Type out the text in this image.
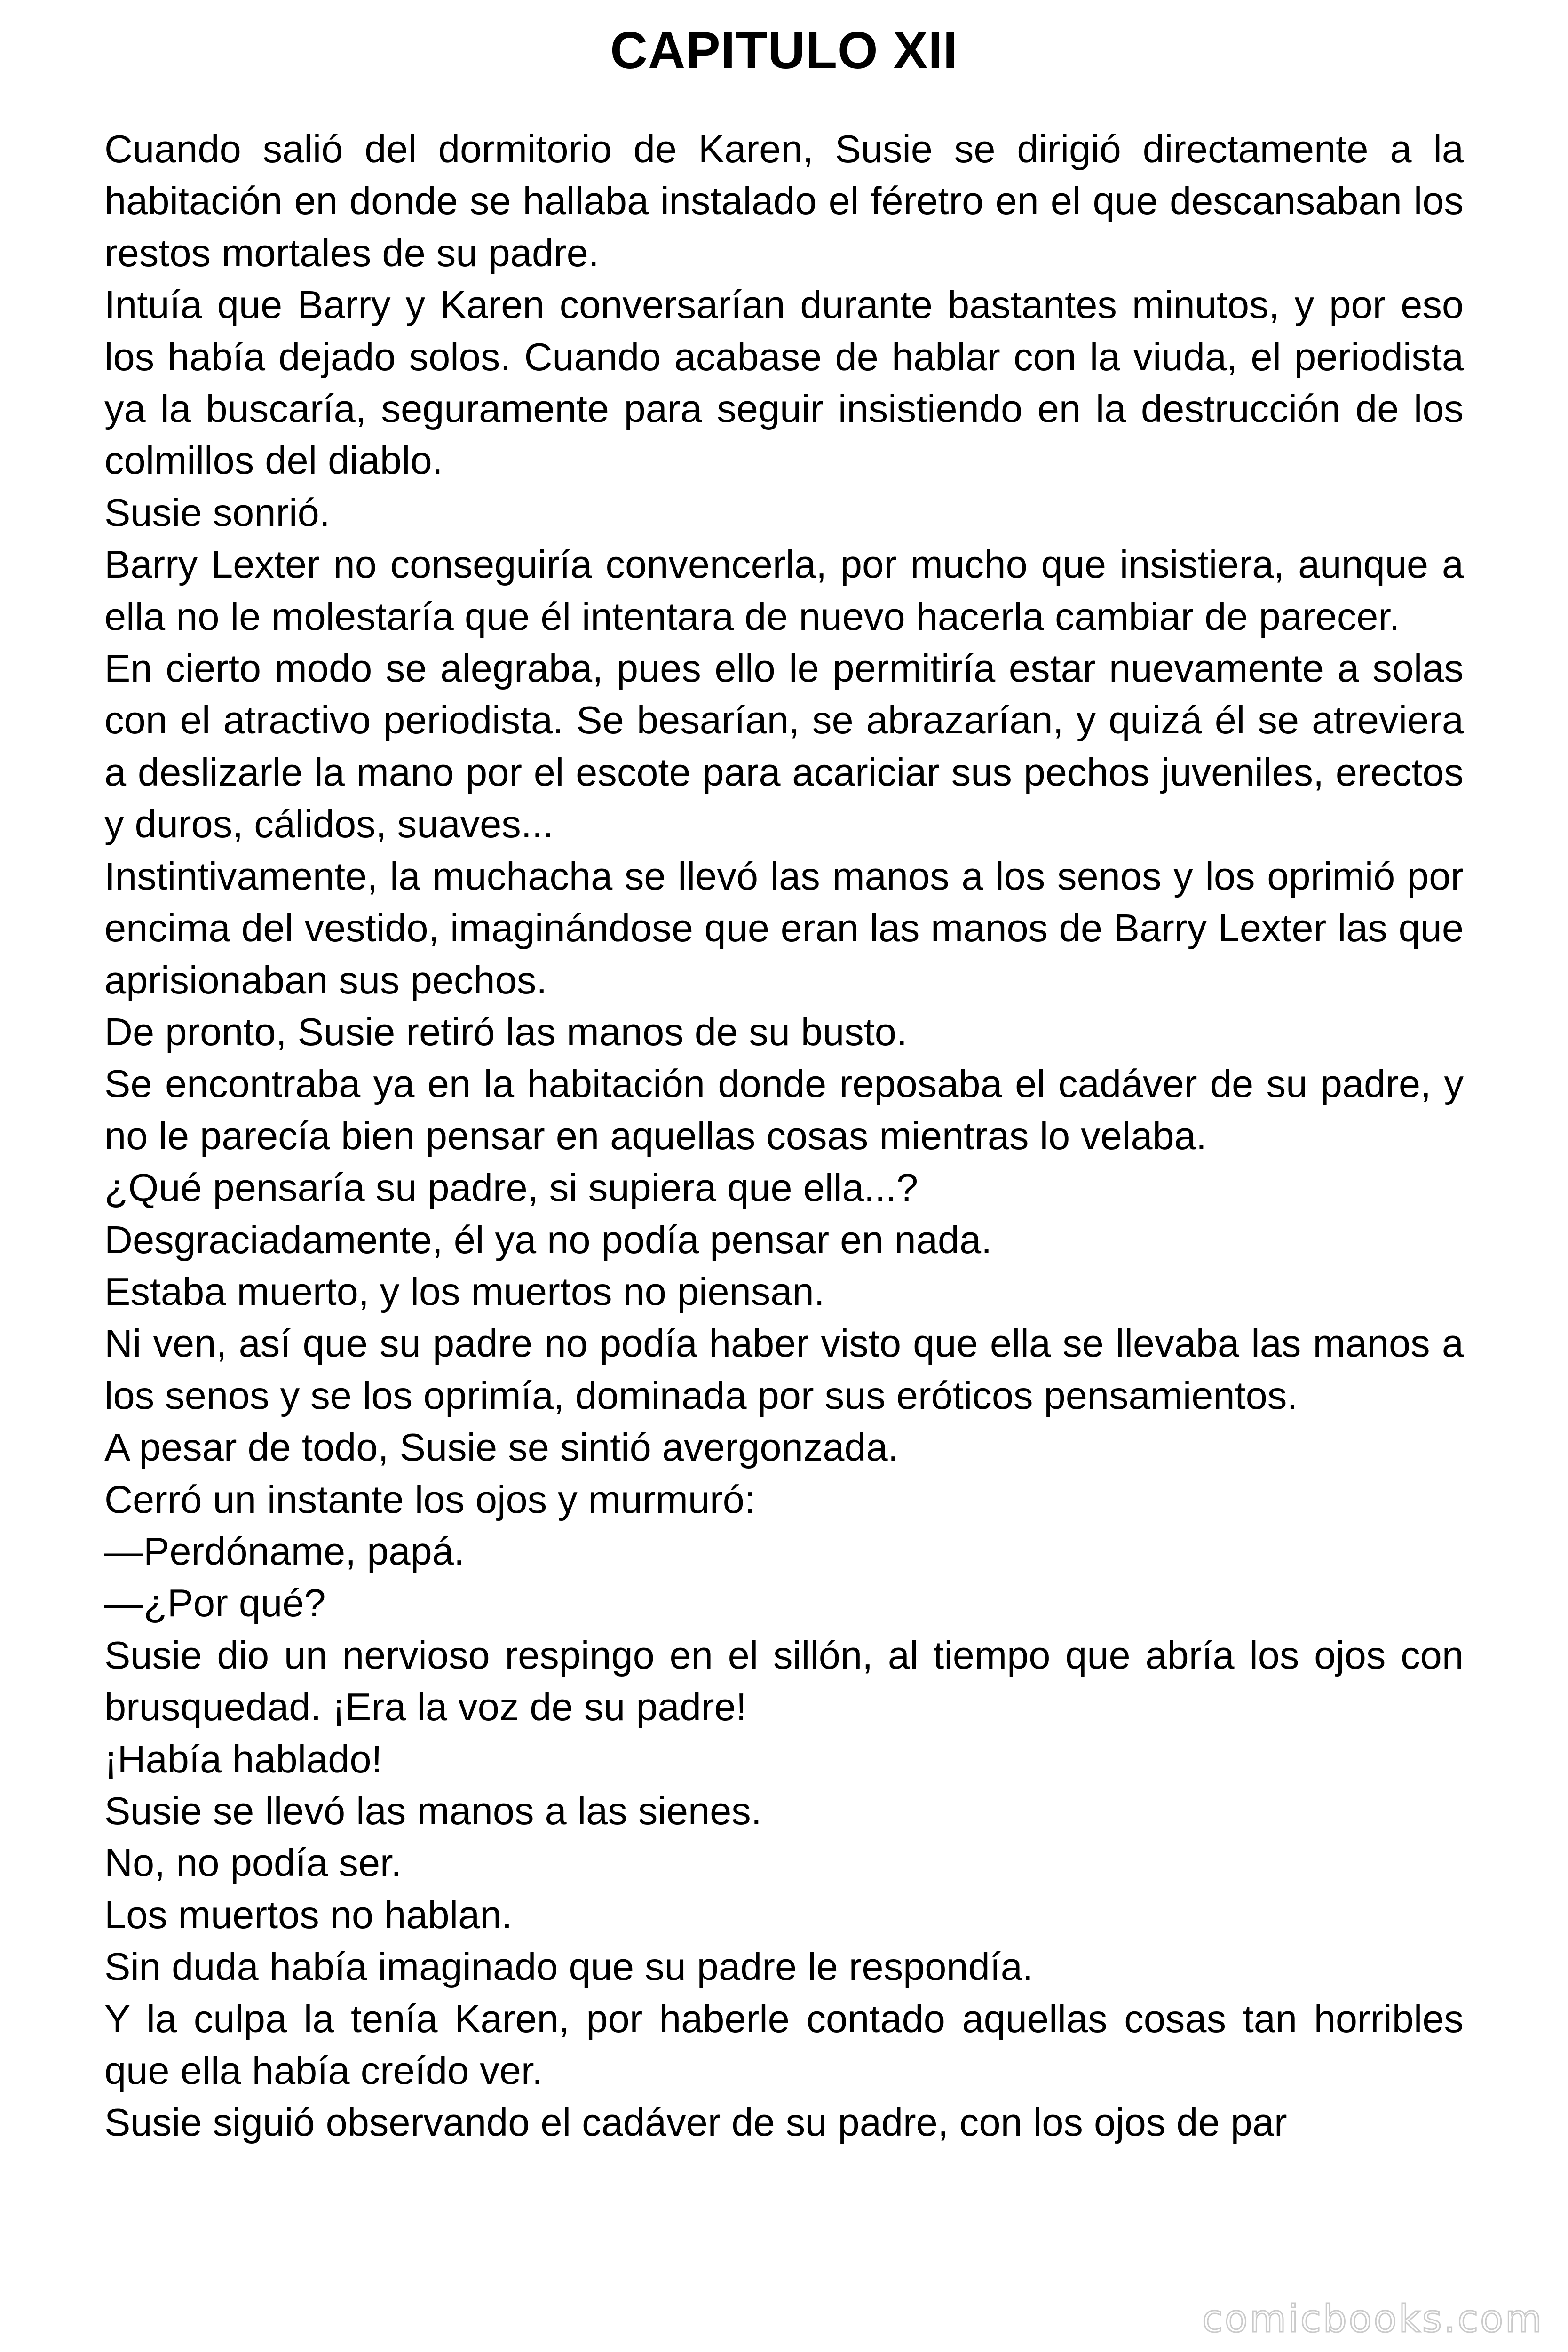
CAPITULO XII

Cuando salió del dormitorio de Karen, Susie se dirigió directamente a la habitación en donde se hallaba instalado el féretro en el que descansaban los restos mortales de su padre.

Intuía que Barry y Karen conversarían durante bastantes minutos, y por eso los había dejado solos. Cuando acabase de hablar con la viuda, el periodista ya la buscaría, seguramente para seguir insistiendo en la destrucción de los colmillos del diablo.

Susie sonrió.

Barry Lexter no conseguiría convencerla, por mucho que insistiera, aunque a ella no le molestaría que él intentara de nuevo hacerla cambiar de parecer.

En cierto modo se alegraba, pues ello le permitiría estar nuevamente a solas con el atractivo periodista. Se besarían, se abrazarían, y quizá él se atreviera a deslizarle la mano por el escote para acariciar sus pechos juveniles, erectos y duros, cálidos, suaves...

Instintivamente, la muchacha se llevó las manos a los senos y los oprimió por encima del vestido, imaginándose que eran las manos de Barry Lexter las que aprisionaban sus pechos.

De pronto, Susie retiró las manos de su busto.

Se encontraba ya en la habitación donde reposaba el cadáver de su padre, y no le parecía bien pensar en aquellas cosas mientras lo velaba.

¿Qué pensaría su padre, si supiera que ella...?

Desgraciadamente, él ya no podía pensar en nada.

Estaba muerto, y los muertos no piensan.

Ni ven, así que su padre no podía haber visto que ella se llevaba las manos a los senos y se los oprimía, dominada por sus eróticos pensamientos.

A pesar de todo, Susie se sintió avergonzada.

Cerró un instante los ojos y murmuró:

—Perdóname, papá.

—¿Por qué?

Susie dio un nervioso respingo en el sillón, al tiempo que abría los ojos con brusquedad. ¡Era la voz de su padre!

¡Había hablado!

Susie se llevó las manos a las sienes.

No, no podía ser.

Los muertos no hablan.

Sin duda había imaginado que su padre le respondía.

Y la culpa la tenía Karen, por haberle contado aquellas cosas tan horribles que ella había creído ver.

Susie siguió observando el cadáver de su padre, con los ojos de par

comicbooks.com
